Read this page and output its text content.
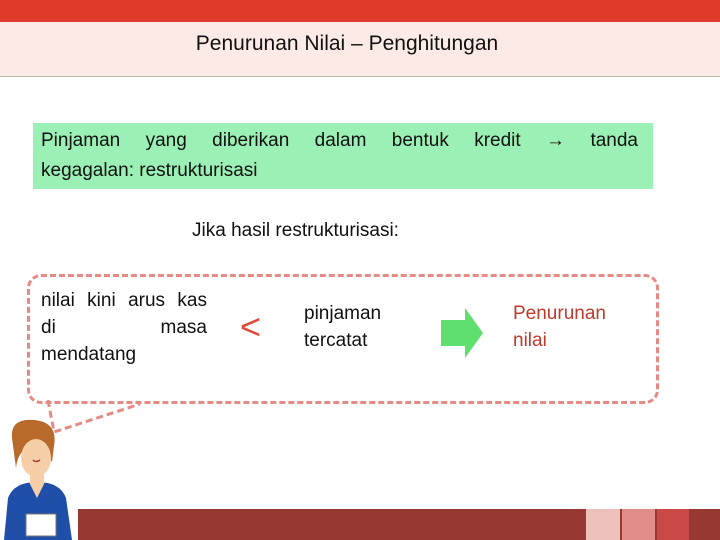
Penurunan Nilai – Penghitungan
Pinjaman yang diberikan dalam bentuk kredit → tanda
kegagalan: restrukturisasi
Jika hasil restrukturisasi:
nilai kini arus kas
di masa
mendatang
< pinjaman
tercatat
Penurunan
nilai
